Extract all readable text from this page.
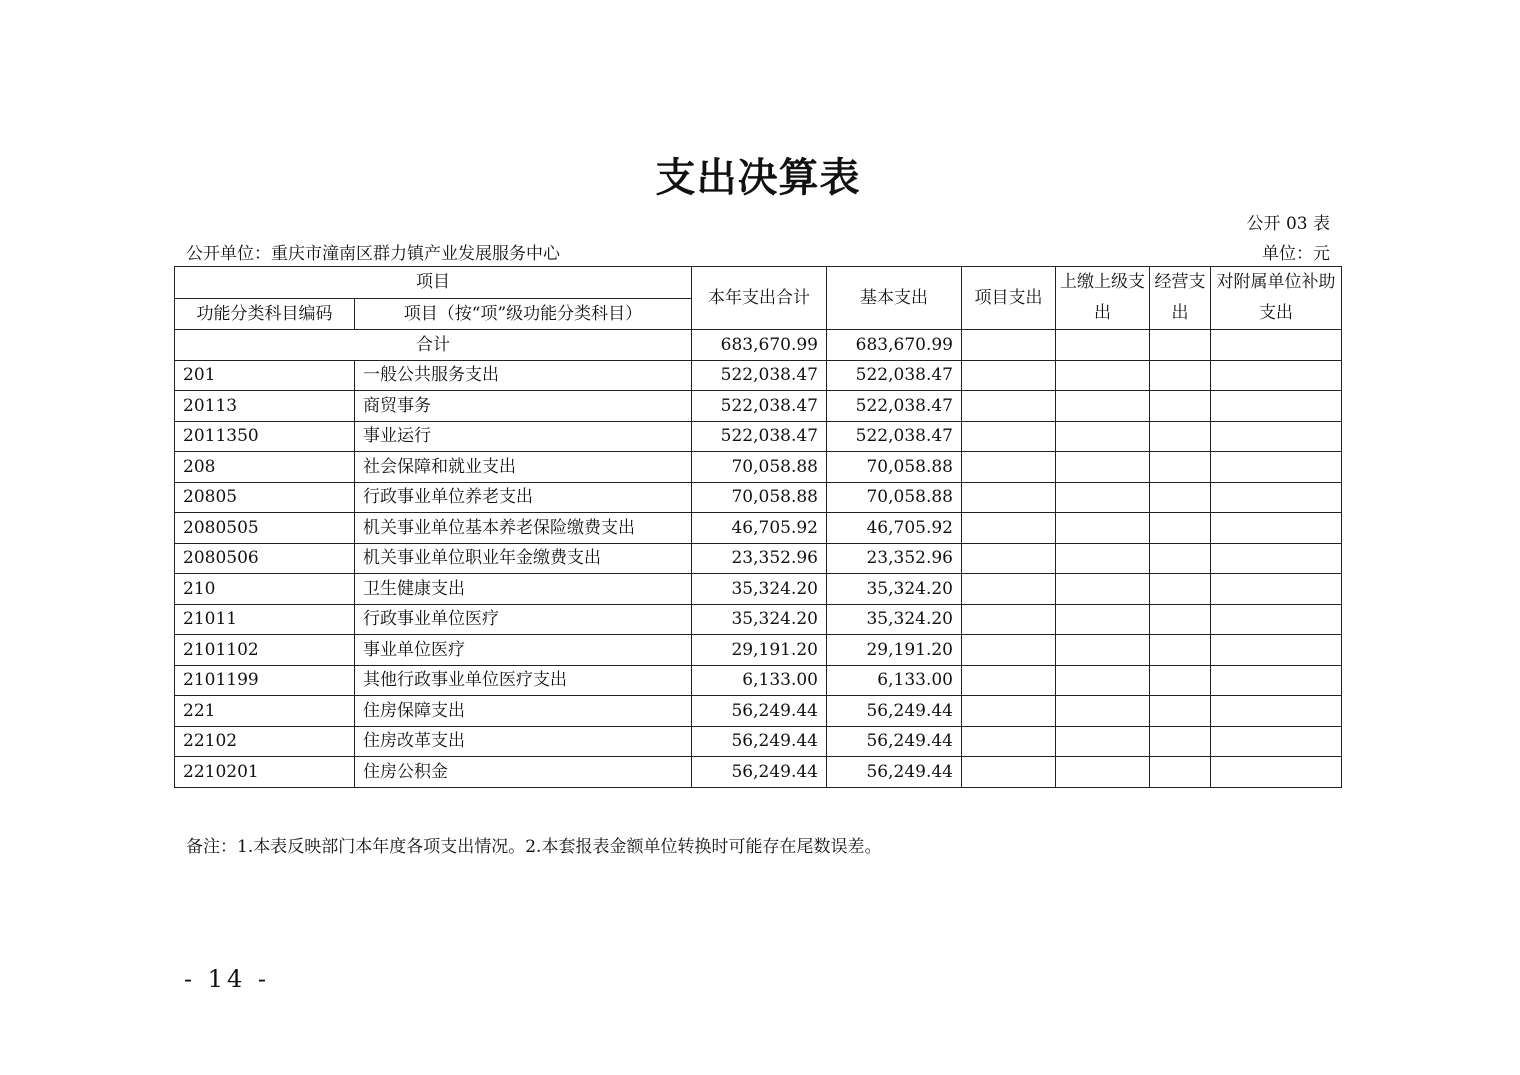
支出决算表
公开 03 表
公开单位：重庆市潼南区群力镇产业发展服务中心	单位：元
项目		本年支出合计	基本支出	项目支出	上缴上级支出	经营支出	对附属单位补助支出
功能分类科目编码	项目（按“项”级功能分类科目）						
合计		683,670.99	683,670.99				
201	一般公共服务支出	522,038.47	522,038.47				
20113	商贸事务	522,038.47	522,038.47				
2011350	事业运行	522,038.47	522,038.47				
208	社会保障和就业支出	70,058.88	70,058.88				
20805	行政事业单位养老支出	70,058.88	70,058.88				
2080505	机关事业单位基本养老保险缴费支出	46,705.92	46,705.92				
2080506	机关事业单位职业年金缴费支出	23,352.96	23,352.96				
210	卫生健康支出	35,324.20	35,324.20				
21011	行政事业单位医疗	35,324.20	35,324.20				
2101102	事业单位医疗	29,191.20	29,191.20				
2101199	其他行政事业单位医疗支出	6,133.00	6,133.00				
221	住房保障支出	56,249.44	56,249.44				
22102	住房改革支出	56,249.44	56,249.44				
2210201	住房公积金	56,249.44	56,249.44				
备注：1.本表反映部门本年度各项支出情况。2.本套报表金额单位转换时可能存在尾数误差。
- 14 -
